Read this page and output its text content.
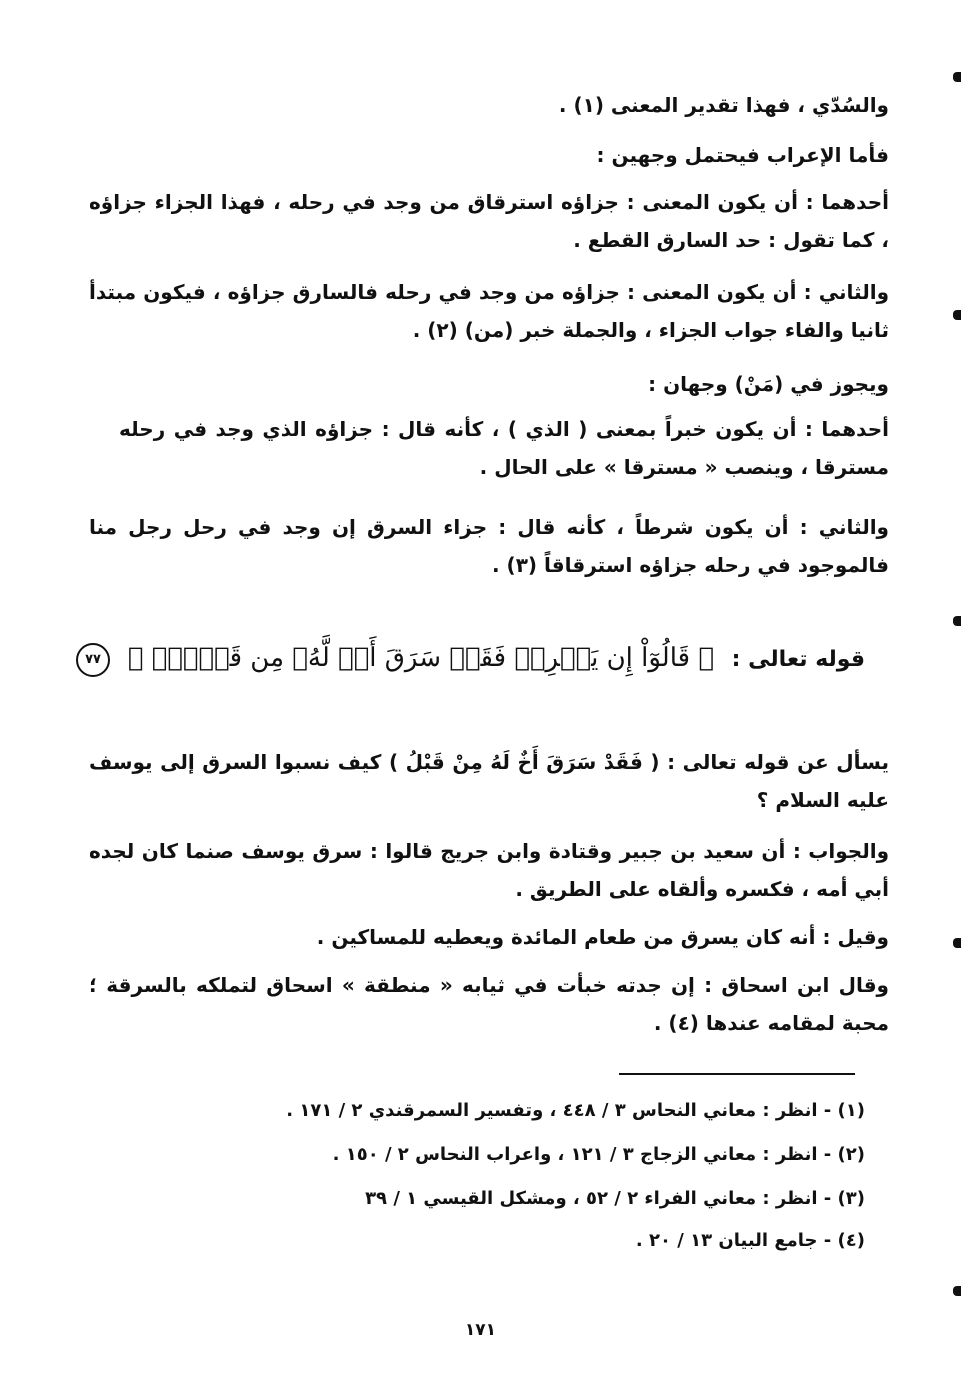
والسُدّي ، فهذا تقدير المعنى (١) .

فأما الإعراب فيحتمل وجهين :

أحدهما : أن يكون المعنى : جزاؤه استرقاق من وجد في رحله ، فهذا الجزاء جزاؤه ، كما تقول : حد السارق القطع .

والثاني : أن يكون المعنى : جزاؤه من وجد في رحله فالسارق جزاؤه ، فيكون مبتدأ ثانيا والفاء جواب الجزاء ، والجملة خبر (من) (٢) .

ويجوز في (مَنْ) وجهان :

أحدهما : أن يكون خبراً بمعنى ( الذي ) ، كأنه قال : جزاؤه الذي وجد في رحله مسترقا ، وينصب « مسترقا » على الحال .

والثاني : أن يكون شرطاً ، كأنه قال : جزاء السرق إن وجد في رحل رجل منا فالموجود في رحله جزاؤه استرقاقاً (٣) .

قوله تعالى : ﴿ قَالُوٓاْ إِن يَسۡرِقۡ فَقَدۡ سَرَقَ أَخٞ لَّهُۥ مِن قَبۡلُۚ ﴾ ٧٧

يسأل عن قوله تعالى : ( فَقَدْ سَرَقَ أَخٌ لَهُ مِنْ قَبْلُ ) كيف نسبوا السرق إلى يوسف عليه السلام ؟

والجواب : أن سعيد بن جبير وقتادة وابن جريج قالوا : سرق يوسف صنما كان لجده أبي أمه ، فكسره وألقاه على الطريق .

وقيل : أنه كان يسرق من طعام المائدة ويعطيه للمساكين .

وقال ابن اسحاق : إن جدته خبأت في ثيابه « منطقة » اسحاق لتملكه بالسرقة ؛ محبة لمقامه عندها (٤) .

(١) - انظر : معاني النحاس ٣ / ٤٤٨ ، وتفسير السمرقندي ٢ / ١٧١ .

(٢) - انظر : معاني الزجاج ٣ / ١٢١ ، واعراب النحاس ٢ / ١٥٠ .

(٣) - انظر : معاني الفراء ٢ / ٥٢ ، ومشكل القيسي ١ / ٣٩

(٤) - جامع البيان ١٣ / ٢٠ .

١٧١
